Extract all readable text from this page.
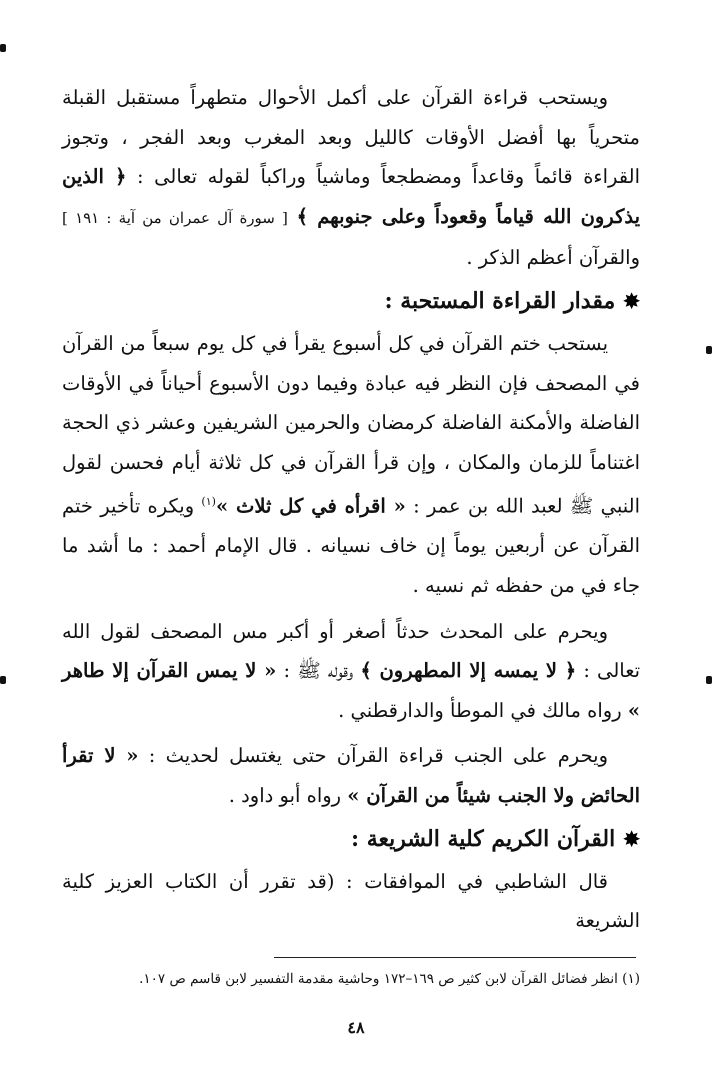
ويستحب قراءة القرآن على أكمل الأحوال متطهراً مستقبل القبلة متحرياً بها أفضل الأوقات كالليل وبعد المغرب وبعد الفجر ، وتجوز القراءة قائماً وقاعداً ومضطجعاً وماشياً وراكباً لقوله تعالى : ﴿ الذين يذكرون الله قياماً وقعوداً وعلى جنوبهم ﴾ [ سورة آل عمران من آية : ١٩١ ] والقرآن أعظم الذكر .

✸مقدار القراءة المستحبة :

يستحب ختم القرآن في كل أسبوع يقرأ في كل يوم سبعاً من القرآن في المصحف فإن النظر فيه عبادة وفيما دون الأسبوع أحياناً في الأوقات الفاضلة والأمكنة الفاضلة كرمضان والحرمين الشريفين وعشر ذي الحجة اغتناماً للزمان والمكان ، وإن قرأ القرآن في كل ثلاثة أيام فحسن لقول النبي ﷺ لعبد الله بن عمر : « اقرأه في كل ثلاث »$^{(١)}$ ويكره تأخير ختم القرآن عن أربعين يوماً إن خاف نسيانه . قال الإمام أحمد : ما أشد ما جاء في من حفظه ثم نسيه .

ويحرم على المحدث حدثاً أصغر أو أكبر مس المصحف لقول الله تعالى : ﴿ لا يمسه إلا المطهرون ﴾ وقوله ﷺ : « لا يمس القرآن إلا طاهر » رواه مالك في الموطأ والدارقطني .

ويحرم على الجنب قراءة القرآن حتى يغتسل لحديث : « لا تقرأ الحائض ولا الجنب شيئاً من القرآن » رواه أبو داود .

✸القرآن الكريم كلية الشريعة :

قال الشاطبي في الموافقات : (قد تقرر أن الكتاب العزيز كلية الشريعة

(١) انظر فضائل القرآن لابن كثير ص ١٦٩–١٧٢ وحاشية مقدمة التفسير لابن قاسم ص ١٠٧.
٤٨
